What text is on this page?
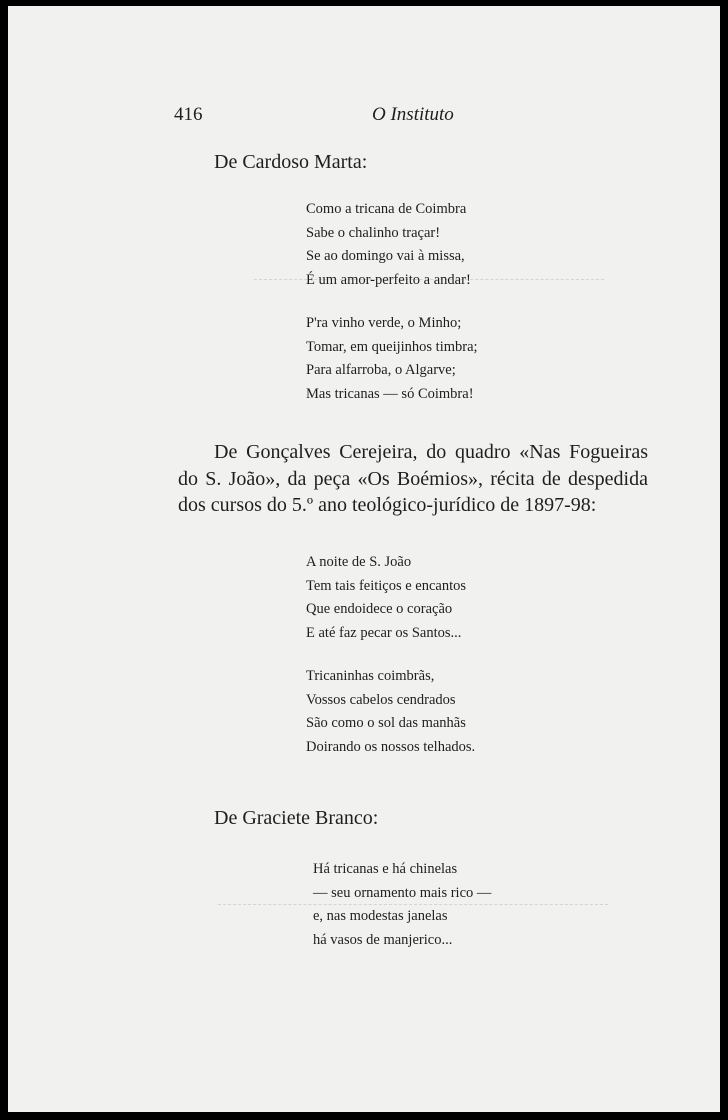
416	O Instituto
De Cardoso Marta:
Como a tricana de Coimbra
Sabe o chalinho traçar!
Se ao domingo vai à missa,
É um amor-perfeito a andar!
P'ra vinho verde, o Minho;
Tomar, em queijinhos timbra;
Para alfarroba, o Algarve;
Mas tricanas — só Coimbra!

De Gonçalves Cerejeira, do quadro «Nas Fogueiras do S. João», da peça «Os Boémios», récita de despedida dos cursos do 5.º ano teológico-jurídico de 1897-98:

A noite de S. João
Tem tais feitiços e encantos
Que endoidece o coração
E até faz pecar os Santos...
Tricaninhas coimbrãs,
Vossos cabelos cendrados
São como o sol das manhãs
Doirando os nossos telhados.
De Graciete Branco:
Há tricanas e há chinelas
— seu ornamento mais rico —
e, nas modestas janelas
há vasos de manjerico...
